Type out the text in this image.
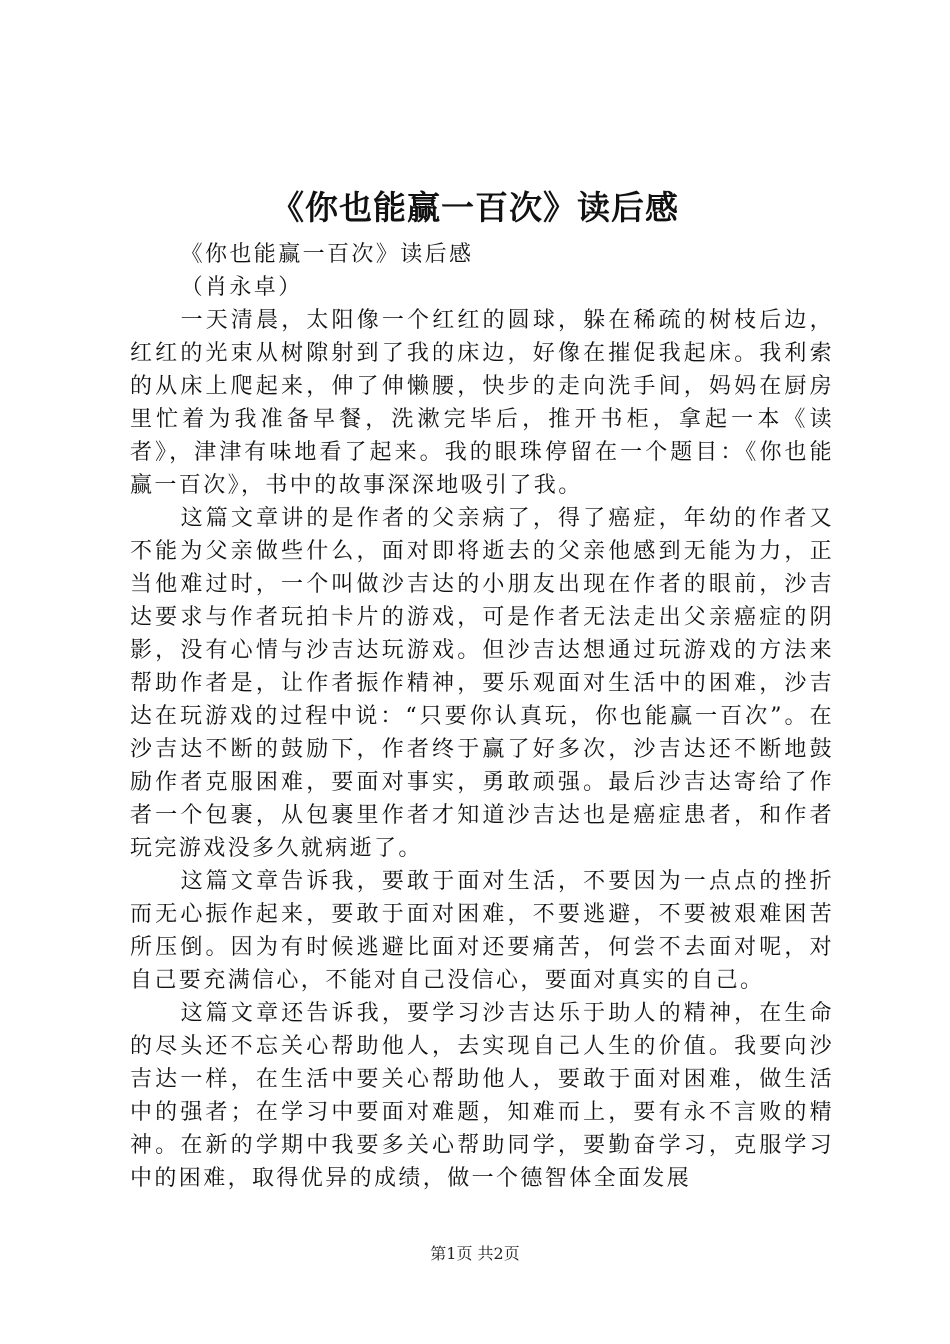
《你也能赢一百次》读后感

《你也能赢一百次》读后感

（肖永卓）

一天清晨，太阳像一个红红的圆球，躲在稀疏的树枝后边，红红的光束从树隙射到了我的床边，好像在摧促我起床。我利索的从床上爬起来，伸了伸懒腰，快步的走向洗手间，妈妈在厨房里忙着为我准备早餐，洗漱完毕后，推开书柜，拿起一本《读者》，津津有味地看了起来。我的眼珠停留在一个题目：《你也能赢一百次》，书中的故事深深地吸引了我。

这篇文章讲的是作者的父亲病了，得了癌症，年幼的作者又不能为父亲做些什么，面对即将逝去的父亲他感到无能为力，正当他难过时，一个叫做沙吉达的小朋友出现在作者的眼前，沙吉达要求与作者玩拍卡片的游戏，可是作者无法走出父亲癌症的阴影，没有心情与沙吉达玩游戏。但沙吉达想通过玩游戏的方法来帮助作者是，让作者振作精神，要乐观面对生活中的困难，沙吉达在玩游戏的过程中说：“只要你认真玩，你也能赢一百次”。在沙吉达不断的鼓励下，作者终于赢了好多次，沙吉达还不断地鼓励作者克服困难，要面对事实，勇敢顽强。最后沙吉达寄给了作者一个包裹，从包裹里作者才知道沙吉达也是癌症患者，和作者玩完游戏没多久就病逝了。

这篇文章告诉我，要敢于面对生活，不要因为一点点的挫折而无心振作起来，要敢于面对困难，不要逃避，不要被艰难困苦所压倒。因为有时候逃避比面对还要痛苦，何尝不去面对呢，对自己要充满信心，不能对自己没信心，要面对真实的自己。

这篇文章还告诉我，要学习沙吉达乐于助人的精神，在生命的尽头还不忘关心帮助他人，去实现自己人生的价值。我要向沙吉达一样，在生活中要关心帮助他人，要敢于面对困难，做生活中的强者；在学习中要面对难题，知难而上，要有永不言败的精神。在新的学期中我要多关心帮助同学，要勤奋学习，克服学习中的困难，取得优异的成绩，做一个德智体全面发展

第1页 共2页
